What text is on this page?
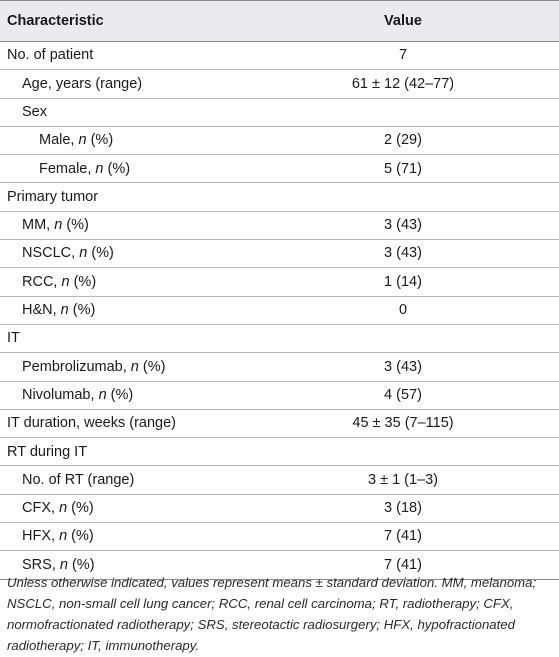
Characteristic	Value
No. of patient	7
Age, years (range)	61 ± 12 (42–77)
Sex	
Male, n (%)	2 (29)
Female, n (%)	5 (71)
Primary tumor	
MM, n (%)	3 (43)
NSCLC, n (%)	3 (43)
RCC, n (%)	1 (14)
H&N, n (%)	0
IT	
Pembrolizumab, n (%)	3 (43)
Nivolumab, n (%)	4 (57)
IT duration, weeks (range)	45 ± 35 (7–115)
RT during IT	
No. of RT (range)	3 ± 1 (1–3)
CFX, n (%)	3 (18)
HFX, n (%)	7 (41)
SRS, n (%)	7 (41)
Unless otherwise indicated, values represent means ± standard deviation. MM, melanoma; NSCLC, non-small cell lung cancer; RCC, renal cell carcinoma; RT, radiotherapy; CFX, normofractionated radiotherapy; SRS, stereotactic radiosurgery; HFX, hypofractionated radiotherapy; IT, immunotherapy.
